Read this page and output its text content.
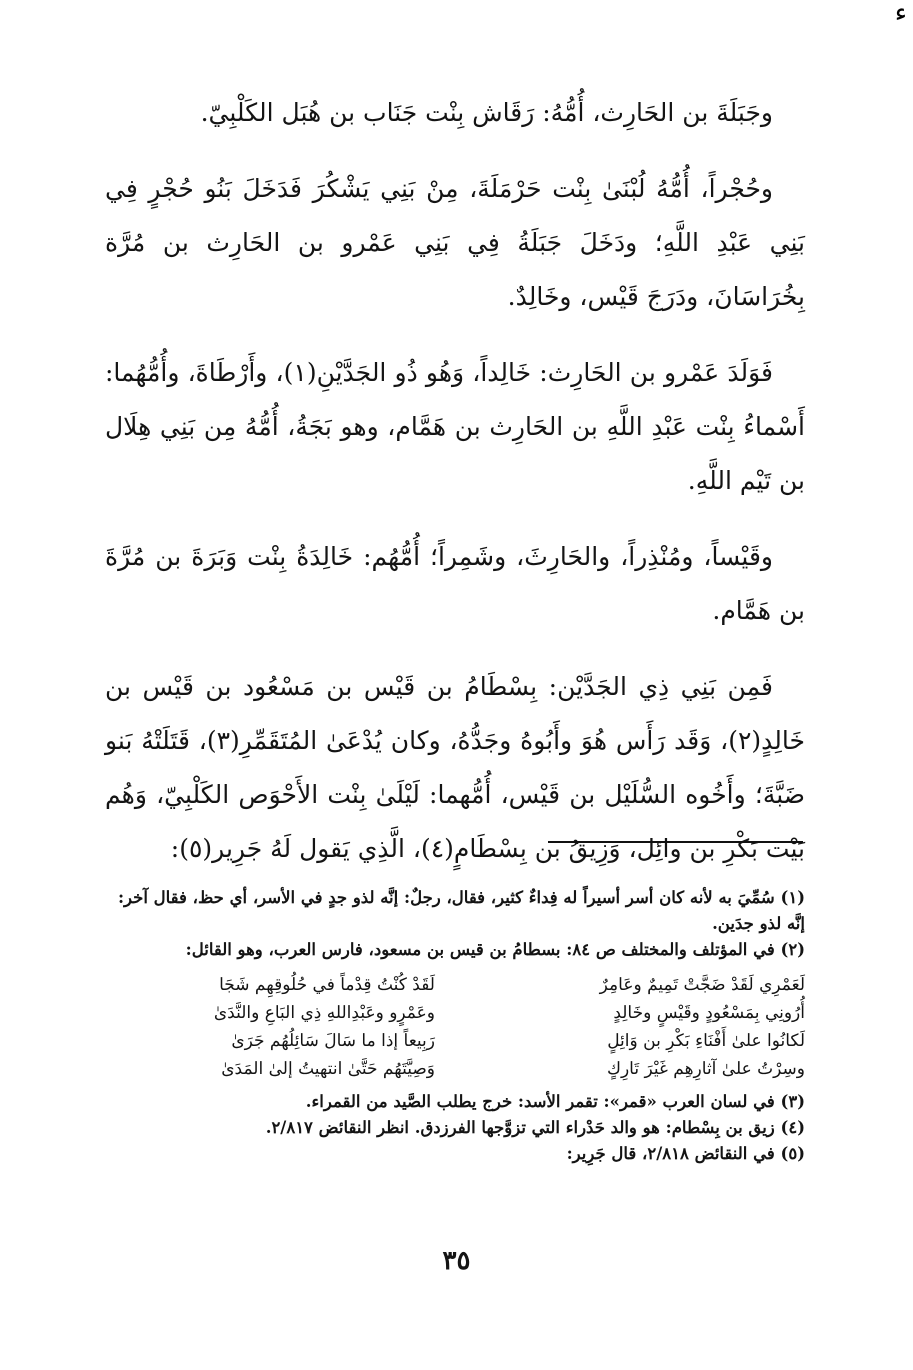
ء

وجَبَلَةَ بن الحَارِث، أُمُّهُ: رَقَاش بِنْت جَنَاب بن هُبَل الكَلْبِيّ.

وحُجْراً، أُمُّهُ لُبْنَىٰ بِنْت حَرْمَلَةَ، مِنْ بَنِي يَشْكُرَ فَدَخَلَ بَنُو حُجْرٍ فِي بَنِي عَبْدِ اللَّهِ؛ ودَخَلَ جَبَلَةُ فِي بَنِي عَمْرو بن الحَارِث بن مُرَّة بِخُرَاسَانَ، ودَرَجَ قَيْس، وخَالِدٌ.

فَوَلَدَ عَمْرو بن الحَارِث: خَالِداً، وَهُو ذُو الجَدَّيْنِ(١)، وأَرْطَاةَ، وأُمُّهُما: أَسْماءُ بِنْت عَبْدِ اللَّهِ بن الحَارِث بن هَمَّام، وهو بَجَةُ، أُمُّهُ مِن بَنِي هِلَال بن تَيْم اللَّهِ.

وقَيْساً، ومُنْذِراً، والحَارِثَ، وشَمِراً؛ أُمُّهُم: خَالِدَةُ بِنْت وَبَرَةَ بن مُرَّةَ بن هَمَّام.

فَمِن بَنِي ذِي الجَدَّيْن: بِسْطَامُ بن قَيْس بن مَسْعُود بن قَيْس بن خَالِدٍ(٢)، وَقَد رَأَس هُوَ وأَبُوهُ وجَدُّهُ، وكان يُدْعَىٰ المُتَقَمِّرِ(٣)، قَتَلَتْهُ بَنو ضَبَّةَ؛ وأَخُوه السُّلَيْل بن قَيْس، أُمُّهما: لَيْلَىٰ بِنْت الأَحْوَص الكَلْبِيّ، وَهُم بَيْت بَكْرِ بن وائِل، وَزِيقُ بن بِسْطَامٍ(٤)، الَّذِي يَقول لَهُ جَرِير(٥):

(١) سُمِّيَ به لأنه كان أسر أسيراً له فِداءٌ كثير، فقال، رجلٌ: إنَّه لذو جدٍ في الأسر، أي حظ، فقال آخر: إنَّه لذو جدَين.

(٢) في المؤتلف والمختلف ص ٨٤: بسطامُ بن قيس بن مسعود، فارس العرب، وهو القائل:

لَعَمْرِي لَقَدْ ضَجَّتْ تَمِيمٌ وعَامِرٌ
لَقَدْ كُنْتُ قِدْماً في حُلُوقِهِم شَجَا
أُرُونِي بِمَسْعُودٍ وقَيْسٍ وخَالِدٍ
وعَمْرٍو وعَبْدِاللهِ ذِي البَاعِ والنَّدَىٰ
لَكانُوا علىٰ أَفْنَاءِ بَكْرِ بن وَائِلٍ
رَبِيعاً إذا ما سَالَ سَائِلُهُم جَرَىٰ
وسِرْتُ علىٰ آثارِهِم غَيْرَ تَارِكٍ
وَصِيَّتَهُم حَتَّىٰ انتهيتُ إلىٰ المَدَىٰ

(٣) في لسان العرب «قمر»: تقمر الأسد: خرج يطلب الصَّيد من القمراء.

(٤) زيق بن بِسْطام: هو والد حَدْراء التي تزوَّجها الفرزدق. انظر النقائض ٢/٨١٧.

(٥) في النقائض ٢/٨١٨، قال جَرِير:

٣٥
